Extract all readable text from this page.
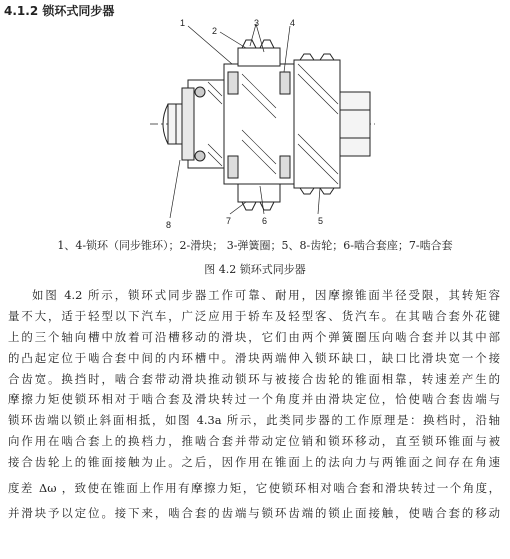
4.1.2 锁环式同步器
1
2
3	4
5
6
7
8
1、4-锁环（同步锥环）；2-滑块； 3-弹簧圈；5、8-齿轮；6-啮合套座；7-啮合套
图 4.2 锁环式同步器
如图 4.2 所示，锁环式同步器工作可靠、耐用，因摩擦锥面半径受限，其转矩容
量不大，适于轻型以下汽车，广泛应用于轿车及轻型客、货汽车。在其啮合套外花键
上的三个轴向槽中放着可沿槽移动的滑块，它们由两个弹簧圈压向啮合套并以其中部
的凸起定位于啮合套中间的内环槽中。滑块两端伸入锁环缺口，缺口比滑块宽一个接
合齿宽。换挡时，啮合套带动滑块推动锁环与被接合齿轮的锥面相靠，转速差产生的
摩擦力矩使锁环相对于啮合套及滑块转过一个角度并由滑块定位，恰使啮合套齿端与
锁环齿端以锁止斜面相抵，如图 4.3a 所示，此类同步器的工作原理是：换档时，沿轴
向作用在啮合套上的换档力，推啮合套并带动定位销和锁环移动，直至锁环锥面与被
接合齿轮上的锥面接触为止。之后，因作用在锥面上的法向力与两锥面之间存在角速
度差 Δω ，致使在锥面上作用有摩擦力矩，它使锁环相对啮合套和滑块转过一个角度，
并滑块予以定位。接下来，啮合套的齿端与锁环齿端的锁止面接触，使啮合套的移动
